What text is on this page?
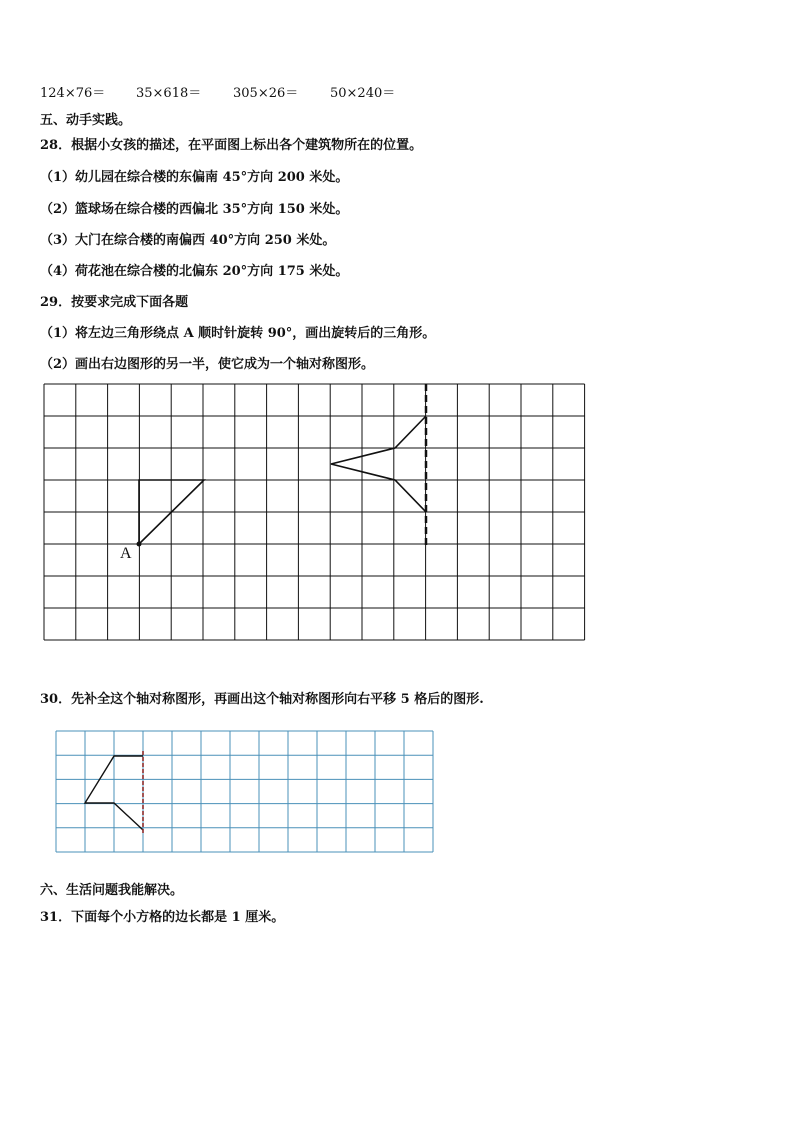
124×76＝ 35×618＝ 305×26＝ 50×240＝
五、动手实践。
28．根据小女孩的描述，在平面图上标出各个建筑物所在的位置。
（1）幼儿园在综合楼的东偏南 45°方向 200 米处。
（2）篮球场在综合楼的西偏北 35°方向 150 米处。
（3）大门在综合楼的南偏西 40°方向 250 米处。
（4）荷花池在综合楼的北偏东 20°方向 175 米处。
29．按要求完成下面各题
（1）将左边三角形绕点 A 顺时针旋转 90°，画出旋转后的三角形。
（2）画出右边图形的另一半，使它成为一个轴对称图形。
A
30．先补全这个轴对称图形，再画出这个轴对称图形向右平移 5 格后的图形.
六、生活问题我能解决。
31．下面每个小方格的边长都是 1 厘米。
